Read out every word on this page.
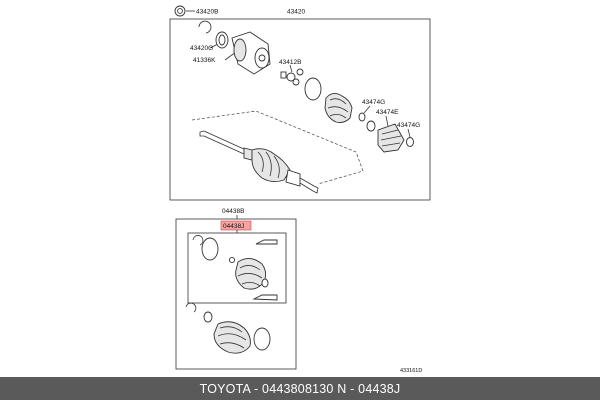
43420B	43420
43420G
41336K	43412B
43474G
43474E
43474G
04438B
04438J
433161D
TOYOTA - 0443808130 N - 04438J
